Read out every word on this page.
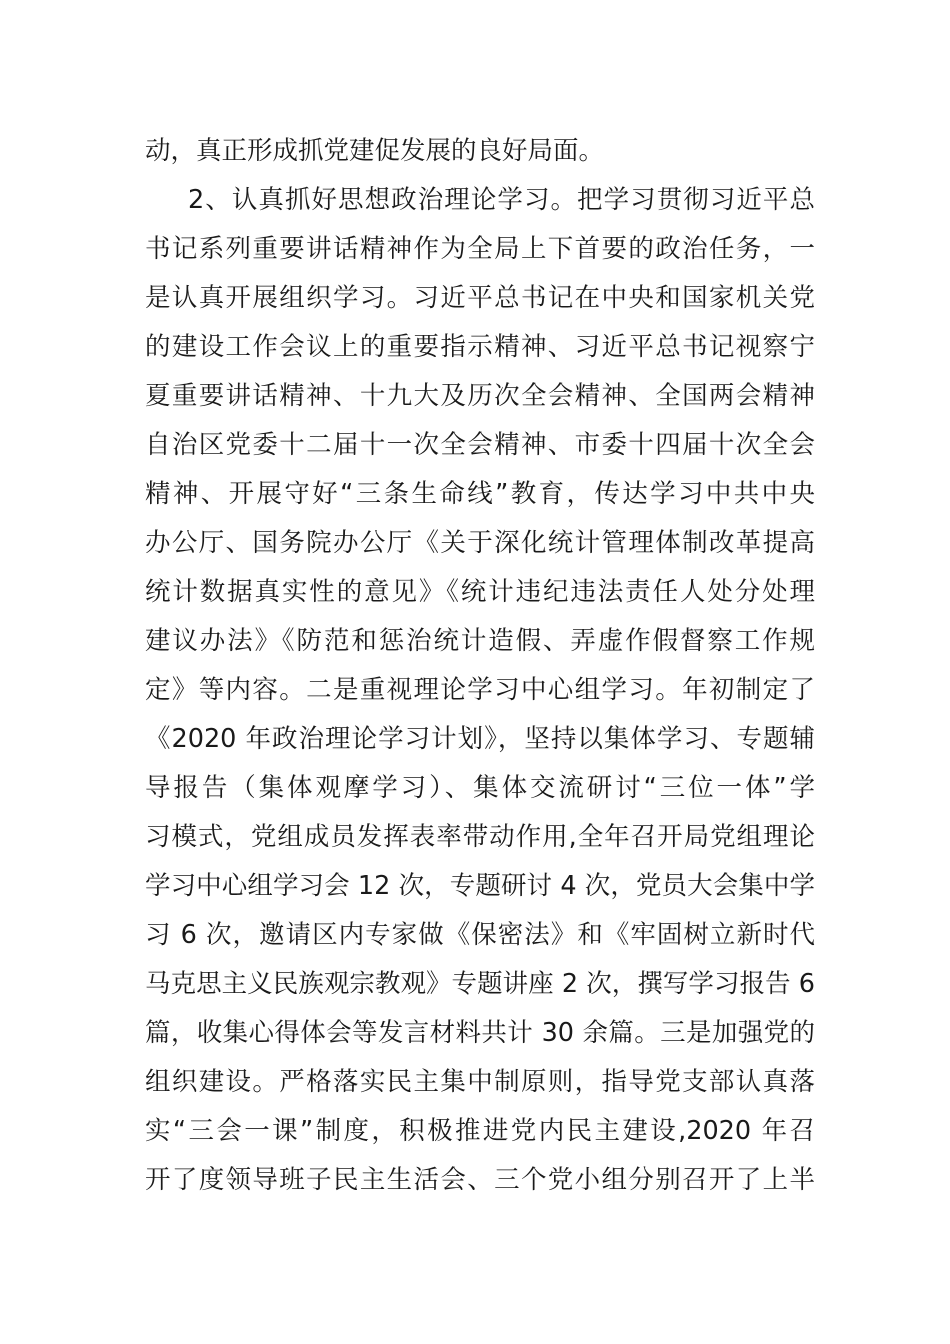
动，真正形成抓党建促发展的良好局面。
2、认真抓好思想政治理论学习。把学习贯彻习近平总
书记系列重要讲话精神作为全局上下首要的政治任务，一
是认真开展组织学习。习近平总书记在中央和国家机关党
的建设工作会议上的重要指示精神、习近平总书记视察宁
夏重要讲话精神、十九大及历次全会精神、全国两会精神
自治区党委十二届十一次全会精神、市委十四届十次全会
精神、开展守好“三条生命线”教育，传达学习中共中央
办公厅、国务院办公厅《关于深化统计管理体制改革提高
统计数据真实性的意见》《统计违纪违法责任人处分处理
建议办法》《防范和惩治统计造假、弄虚作假督察工作规
定》等内容。二是重视理论学习中心组学习。年初制定了
《2020 年政治理论学习计划》，坚持以集体学习、专题辅
导报告（集体观摩学习）、集体交流研讨“三位一体”学
习模式，党组成员发挥表率带动作用,全年召开局党组理论
学习中心组学习会 12 次，专题研讨 4 次，党员大会集中学
习 6 次，邀请区内专家做《保密法》和《牢固树立新时代
马克思主义民族观宗教观》专题讲座 2 次，撰写学习报告 6
篇，收集心得体会等发言材料共计 30 余篇。三是加强党的
组织建设。严格落实民主集中制原则，指导党支部认真落
实“三会一课”制度，积极推进党内民主建设,2020 年召
开了度领导班子民主生活会、三个党小组分别召开了上半
